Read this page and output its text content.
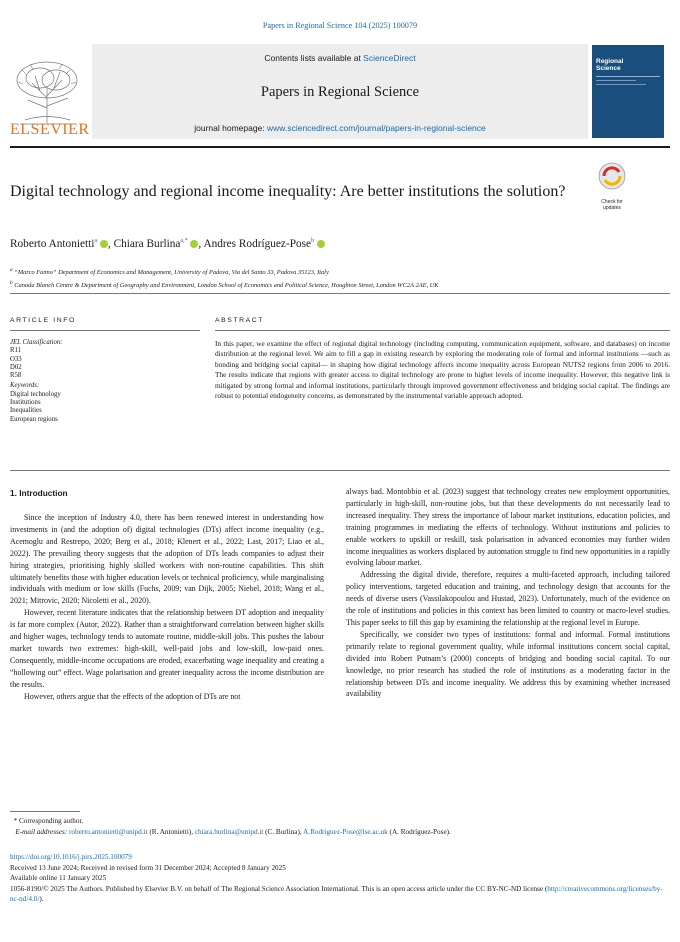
Papers in Regional Science 104 (2025) 100079
ELSEVIER
Contents lists available at ScienceDirect
Papers in Regional Science
journal homepage: www.sciencedirect.com/journal/papers-in-regional-science
Regional
Science
Digital technology and regional income inequality: Are better institutions the solution?
Check for
updates
Roberto Antonietti$^a$ , Chiara Burlina$^{a,*}$ , Andres Rodríguez-Pose$^b$
$^a$ “Marco Fanno” Department of Economics and Management, University of Padova, Via del Santo 33, Padova 35123, Italy
$^b$ Canada Blanch Centre & Department of Geography and Environment, London School of Economics and Political Science, Houghton Street, London WC2A 2AE, UK
ARTICLE INFO
JEL Classification:
R11
O33
D02
R58
Keywords:
Digital technology
Institutions
Inequalities
European regions
ABSTRACT
In this paper, we examine the effect of regional digital technology (including computing, communication equipment, software, and databases) on income distribution at the regional level. We aim to fill a gap in existing research by exploring the moderating role of formal and informal institutions —such as bonding and bridging social capital— in shaping how digital technology affects income inequality across European NUTS2 regions from 2006 to 2016. The results indicate that regions with greater access to digital technology are prone to higher levels of income inequality. However, this negative link is mitigated by strong formal and informal institutions, particularly through improved government effectiveness and bridging social capital. The findings are robust to potential endogeneity concerns, as demonstrated by the instrumental variable approach adopted.
1. Introduction

Since the inception of Industry 4.0, there has been renewed interest in understanding how investments in (and the adoption of) digital technologies (DTs) affect income inequality (e.g., Acemoglu and Restrepo, 2020; Berg et al., 2018; Klenert et al., 2022; Last, 2017; Liao et al., 2022). The prevailing theory suggests that the adoption of DTs leads companies to adjust their hiring strategies, prioritising highly skilled workers with non-routine capabilities. This shift ultimately benefits those with higher education levels or technical proficiency, while marginalising individuals with medium or low skills (Fuchs, 2009; van Dijk, 2005; Niebel, 2018; Wang et al., 2021; Mitrovic, 2020; Nicoletti et al., 2020).

However, recent literature indicates that the relationship between DT adoption and inequality is far more complex (Autor, 2022). Rather than a straightforward correlation between higher skills and higher wages, technology tends to automate routine, middle-skill jobs. This pushes the labour market towards two extremes: high-skill, well-paid jobs and low-skill, low-paid ones. Consequently, middle-income occupations are eroded, exacerbating wage inequality and creating a “hollowing out” effect. Wage polarisation and greater inequality across the income distribution are the results.

However, others argue that the effects of the adoption of DTs are not

always bad. Montobbio et al. (2023) suggest that technology creates new employment opportunities, particularly in high-skill, non-routine jobs, but that these developments do not necessarily lead to increased inequality. They stress the importance of labour market institutions, education policies, and training programmes in mediating the effects of technology. Without institutions and policies to enable workers to upskill or reskill, task polarisation in advanced economies may further widen income inequalities as workers displaced by automation struggle to find new opportunities in a rapidly evolving labour market.

Addressing the digital divide, therefore, requires a multi-faceted approach, including tailored policy interventions, targeted education and training, and technology design that accounts for the needs of diverse users (Vassilakopoulou and Hustad, 2023). Unfortunately, much of the evidence on the role of institutions and policies in this context has been limited to country or macro-level studies. This paper seeks to fill this gap by examining the relationship at the regional level in Europe.

Specifically, we consider two types of institutions: formal and informal. Formal institutions primarily relate to regional government quality, while informal institutions concern social capital, divided into Robert Putnam’s (2000) concepts of bridging and bonding social capital. To our knowledge, no prior research has studied the role of institutions as a moderating factor in the relationship between DTs and income inequality. We address this by examining whether increased availability

* Corresponding author.
E-mail addresses: roberto.antonietti@unipd.it (R. Antonietti), chiara.burlina@unipd.it (C. Burlina), A.Rodriguez-Pose@lse.ac.uk (A. Rodríguez-Pose).
https://doi.org/10.1016/j.pirs.2025.100079
Received 13 June 2024; Received in revised form 31 December 2024; Accepted 8 January 2025
Available online 11 January 2025
1056-8190/© 2025 The Authors. Published by Elsevier B.V. on behalf of The Regional Science Association International. This is an open access article under the CC BY-NC-ND license (http://creativecommons.org/licenses/by-nc-nd/4.0/).
